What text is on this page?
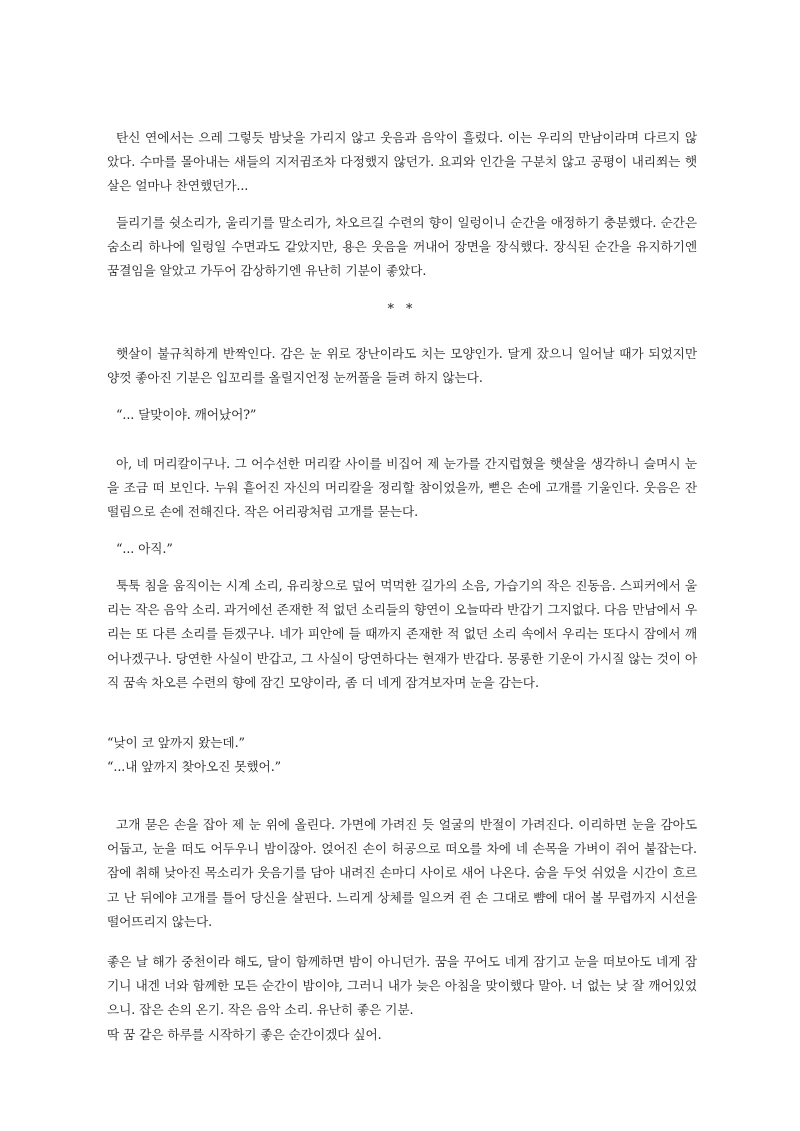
탄신 연에서는 으레 그렇듯 밤낮을 가리지 않고 웃음과 음악이 흘렀다. 이는 우리의 만남이라며 다르지 않았다. 수마를 몰아내는 새들의 지저귐조차 다정했지 않던가. 요괴와 인간을 구분치 않고 공평이 내리쬐는 햇살은 얼마나 찬연했던가...

들리기를 쉿소리가, 울리기를 말소리가, 차오르길 수련의 향이 일렁이니 순간을 애정하기 충분했다. 순간은 숨소리 하나에 일렁일 수면과도 같았지만, 용은 웃음을 꺼내어 장면을 장식했다. 장식된 순간을 유지하기엔 꿈결임을 알았고 가두어 감상하기엔 유난히 기분이 좋았다.

* *

햇살이 불규칙하게 반짝인다. 감은 눈 위로 장난이라도 치는 모양인가. 달게 잤으니 일어날 때가 되었지만 양껏 좋아진 기분은 입꼬리를 올릴지언정 눈꺼풀을 들려 하지 않는다.

“... 달맞이야. 깨어났어?”

아, 네 머리칼이구나. 그 어수선한 머리칼 사이를 비집어 제 눈가를 간지럽혔을 햇살을 생각하니 슬며시 눈을 조금 떠 보인다. 누워 흩어진 자신의 머리칼을 정리할 참이었을까, 뻗은 손에 고개를 기울인다. 웃음은 잔떨림으로 손에 전해진다. 작은 어리광처럼 고개를 묻는다.

“... 아직.”

툭툭 침을 움직이는 시계 소리, 유리창으로 덮어 먹먹한 길가의 소음, 가습기의 작은 진동음. 스피커에서 울리는 작은 음악 소리. 과거에선 존재한 적 없던 소리들의 향연이 오늘따라 반갑기 그지없다. 다음 만남에서 우리는 또 다른 소리를 듣겠구나. 네가 피안에 들 때까지 존재한 적 없던 소리 속에서 우리는 또다시 잠에서 깨어나겠구나. 당연한 사실이 반갑고, 그 사실이 당연하다는 현재가 반갑다. 몽롱한 기운이 가시질 않는 것이 아직 꿈속 차오른 수련의 향에 잠긴 모양이라, 좀 더 네게 잠겨보자며 눈을 감는다.

“낮이 코 앞까지 왔는데.”
“...내 앞까지 찾아오진 못했어.”

고개 묻은 손을 잡아 제 눈 위에 올린다. 가면에 가려진 듯 얼굴의 반절이 가려진다. 이리하면 눈을 감아도 어둡고, 눈을 떠도 어두우니 밤이잖아. 얹어진 손이 허공으로 떠오를 차에 네 손목을 가벼이 쥐어 붙잡는다. 잠에 취해 낮아진 목소리가 웃음기를 담아 내려진 손마디 사이로 새어 나온다. 숨을 두엇 쉬었을 시간이 흐르고 난 뒤에야 고개를 틀어 당신을 살핀다. 느리게 상체를 일으켜 쥔 손 그대로 뺨에 대어 볼 무렵까지 시선을 떨어뜨리지 않는다.

좋은 날 해가 중천이라 해도, 달이 함께하면 밤이 아니던가. 꿈을 꾸어도 네게 잠기고 눈을 떠보아도 네게 잠기니 내겐 너와 함께한 모든 순간이 밤이야, 그러니 내가 늦은 아침을 맞이했다 말아. 너 없는 낮 잘 깨어있었으니. 잡은 손의 온기. 작은 음악 소리. 유난히 좋은 기분.
딱 꿈 같은 하루를 시작하기 좋은 순간이겠다 싶어.
